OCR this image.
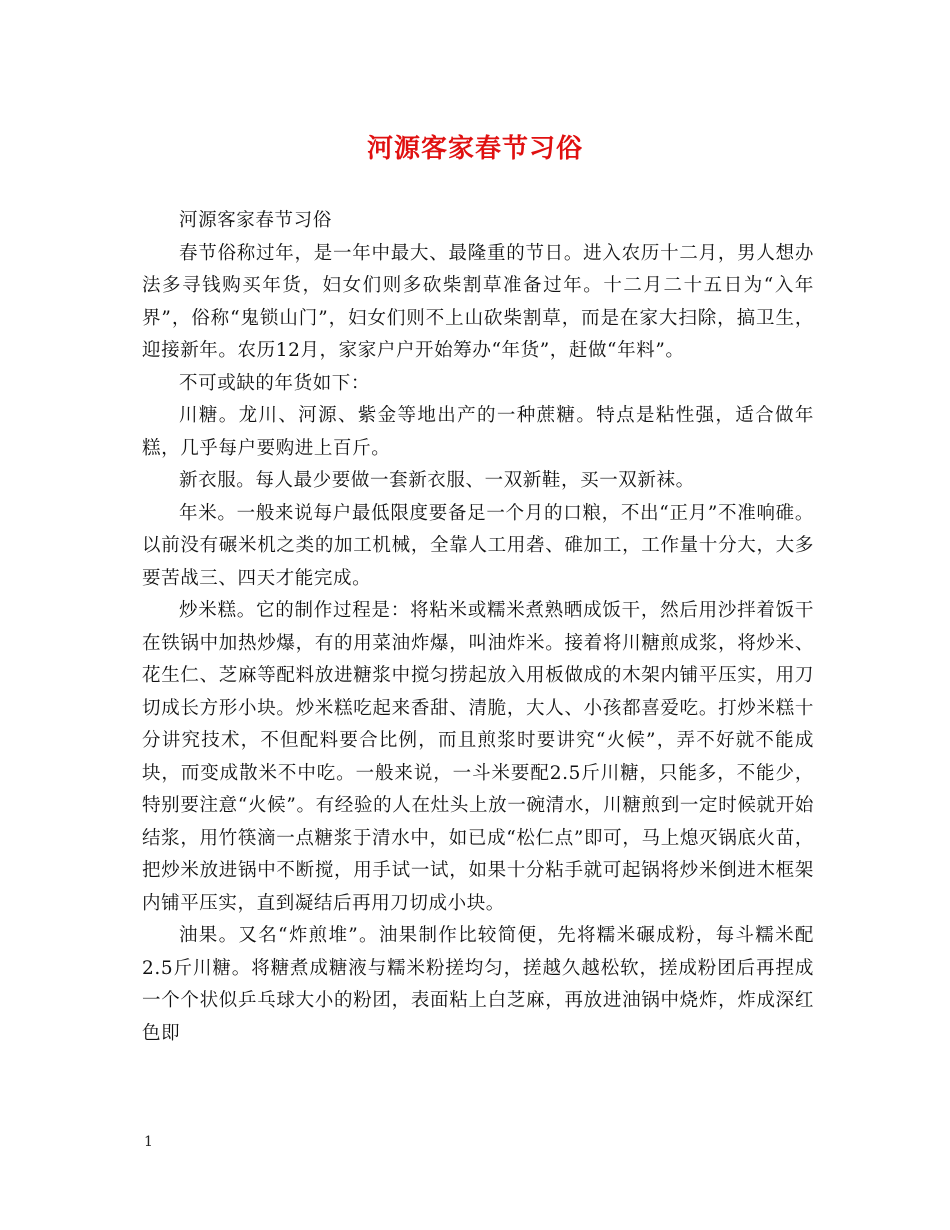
河源客家春节习俗

河源客家春节习俗

春节俗称过年，是一年中最大、最隆重的节日。进入农历十二月，男人想办法多寻钱购买年货，妇女们则多砍柴割草准备过年。十二月二十五日为“入年界”，俗称“鬼锁山门”，妇女们则不上山砍柴割草，而是在家大扫除，搞卫生，迎接新年。农历12月，家家户户开始筹办“年货”，赶做“年料”。

不可或缺的年货如下：

川糖。龙川、河源、紫金等地出产的一种蔗糖。特点是粘性强，适合做年糕，几乎每户要购进上百斤。

新衣服。每人最少要做一套新衣服、一双新鞋，买一双新袜。

年米。一般来说每户最低限度要备足一个月的口粮，不出“正月”不准响碓。以前没有碾米机之类的加工机械，全靠人工用砻、碓加工，工作量十分大，大多要苦战三、四天才能完成。

炒米糕。它的制作过程是：将粘米或糯米煮熟晒成饭干，然后用沙拌着饭干在铁锅中加热炒爆，有的用菜油炸爆，叫油炸米。接着将川糖煎成浆，将炒米、花生仁、芝麻等配料放进糖浆中搅匀捞起放入用板做成的木架内铺平压实，用刀切成长方形小块。炒米糕吃起来香甜、清脆，大人、小孩都喜爱吃。打炒米糕十分讲究技术，不但配料要合比例，而且煎浆时要讲究“火候”，弄不好就不能成块，而变成散米不中吃。一般来说，一斗米要配2.5斤川糖，只能多，不能少，特别要注意“火候”。有经验的人在灶头上放一碗清水，川糖煎到一定时候就开始结浆，用竹筷滴一点糖浆于清水中，如已成“松仁点”即可，马上熄灭锅底火苗，把炒米放进锅中不断搅，用手试一试，如果十分粘手就可起锅将炒米倒进木框架内铺平压实，直到凝结后再用刀切成小块。

油果。又名“炸煎堆”。油果制作比较简便，先将糯米碾成粉，每斗糯米配2.5斤川糖。将糖煮成糖液与糯米粉搓均匀，搓越久越松软，搓成粉团后再捏成一个个状似乒乓球大小的粉团，表面粘上白芝麻，再放进油锅中烧炸，炸成深红色即

1
